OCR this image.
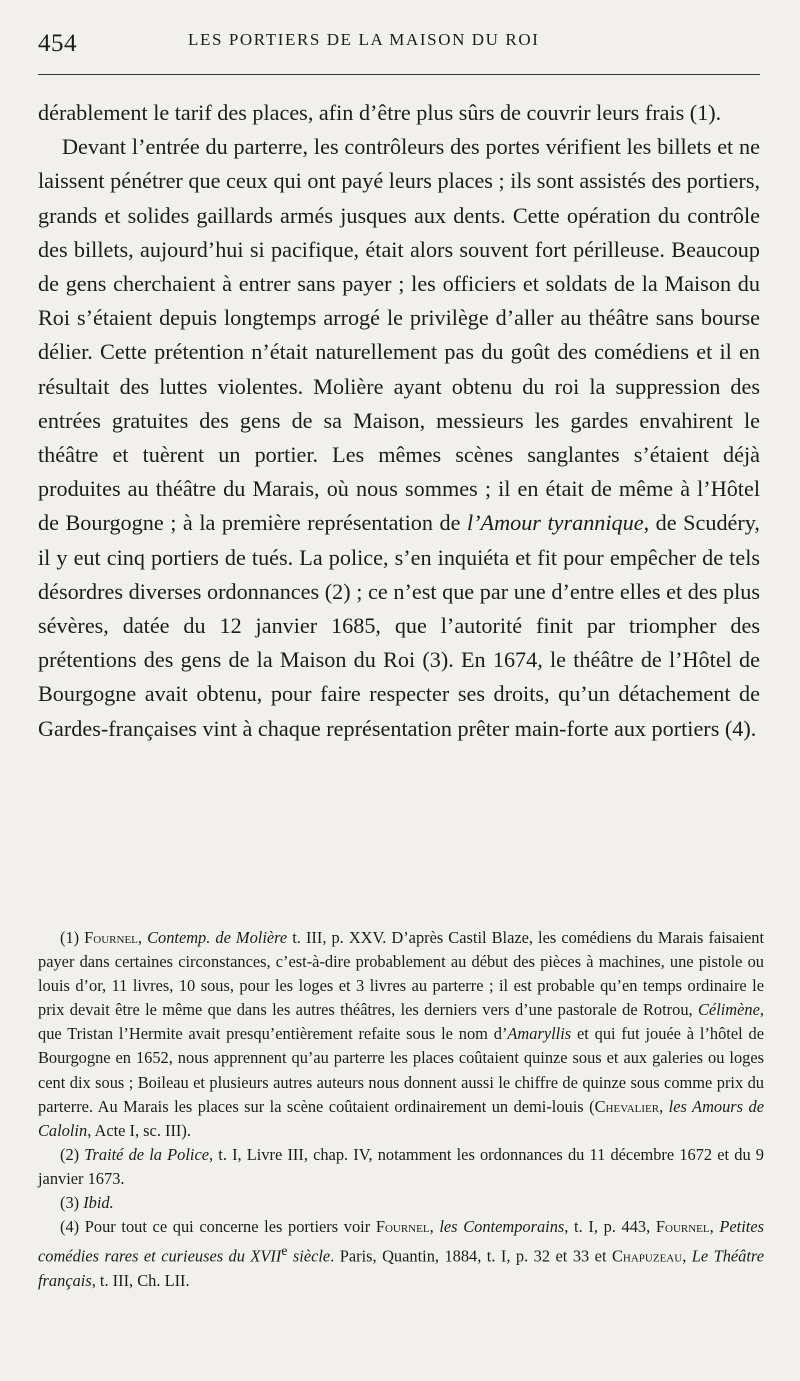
454	LES PORTIERS DE LA MAISON DU ROI

dérablement le tarif des places, afin d’être plus sûrs de couvrir leurs frais (1).

Devant l’entrée du parterre, les contrôleurs des portes vérifient les billets et ne laissent pénétrer que ceux qui ont payé leurs places ; ils sont assistés des portiers, grands et solides gaillards armés jusques aux dents. Cette opération du contrôle des billets, aujourd’hui si pacifique, était alors souvent fort périlleuse. Beaucoup de gens cherchaient à entrer sans payer ; les officiers et soldats de la Maison du Roi s’étaient depuis longtemps arrogé le privilège d’aller au théâtre sans bourse délier. Cette prétention n’était naturellement pas du goût des comédiens et il en résultait des luttes violentes. Molière ayant obtenu du roi la suppression des entrées gratuites des gens de sa Maison, messieurs les gardes envahirent le théâtre et tuèrent un portier. Les mêmes scènes sanglantes s’étaient déjà produites au théâtre du Marais, où nous sommes ; il en était de même à l’Hôtel de Bourgogne ; à la première représentation de l’Amour tyrannique, de Scudéry, il y eut cinq portiers de tués. La police, s’en inquiéta et fit pour empêcher de tels désordres diverses ordonnances (2) ; ce n’est que par une d’entre elles et des plus sévères, datée du 12 janvier 1685, que l’autorité finit par triompher des prétentions des gens de la Maison du Roi (3). En 1674, le théâtre de l’Hôtel de Bourgogne avait obtenu, pour faire respecter ses droits, qu’un détachement de Gardes-françaises vint à chaque représentation prêter main-forte aux portiers (4).

(1) Fournel, Contemp. de Molière t. III, p. XXV. D’après Castil Blaze, les comédiens du Marais faisaient payer dans certaines circonstances, c’est-à-dire probablement au début des pièces à machines, une pistole ou louis d’or, 11 livres, 10 sous, pour les loges et 3 livres au parterre ; il est probable qu’en temps ordinaire le prix devait être le même que dans les autres théâtres, les derniers vers d’une pastorale de Rotrou, Célimène, que Tristan l’Hermite avait presqu’entièrement refaite sous le nom d’Amaryllis et qui fut jouée à l’hôtel de Bourgogne en 1652, nous apprennent qu’au parterre les places coûtaient quinze sous et aux galeries ou loges cent dix sous ; Boileau et plusieurs autres auteurs nous donnent aussi le chiffre de quinze sous comme prix du parterre. Au Marais les places sur la scène coûtaient ordinairement un demi-louis (Chevalier, les Amours de Calolin, Acte I, sc. III).

(2) Traité de la Police, t. I, Livre III, chap. IV, notamment les ordonnances du 11 décembre 1672 et du 9 janvier 1673.

(3) Ibid.

(4) Pour tout ce qui concerne les portiers voir Fournel, les Contemporains, t. I, p. 443, Fournel, Petites comédies rares et curieuses du XVIIe siècle. Paris, Quantin, 1884, t. I, p. 32 et 33 et Chapuzeau, Le Théâtre français, t. III, Ch. LII.
